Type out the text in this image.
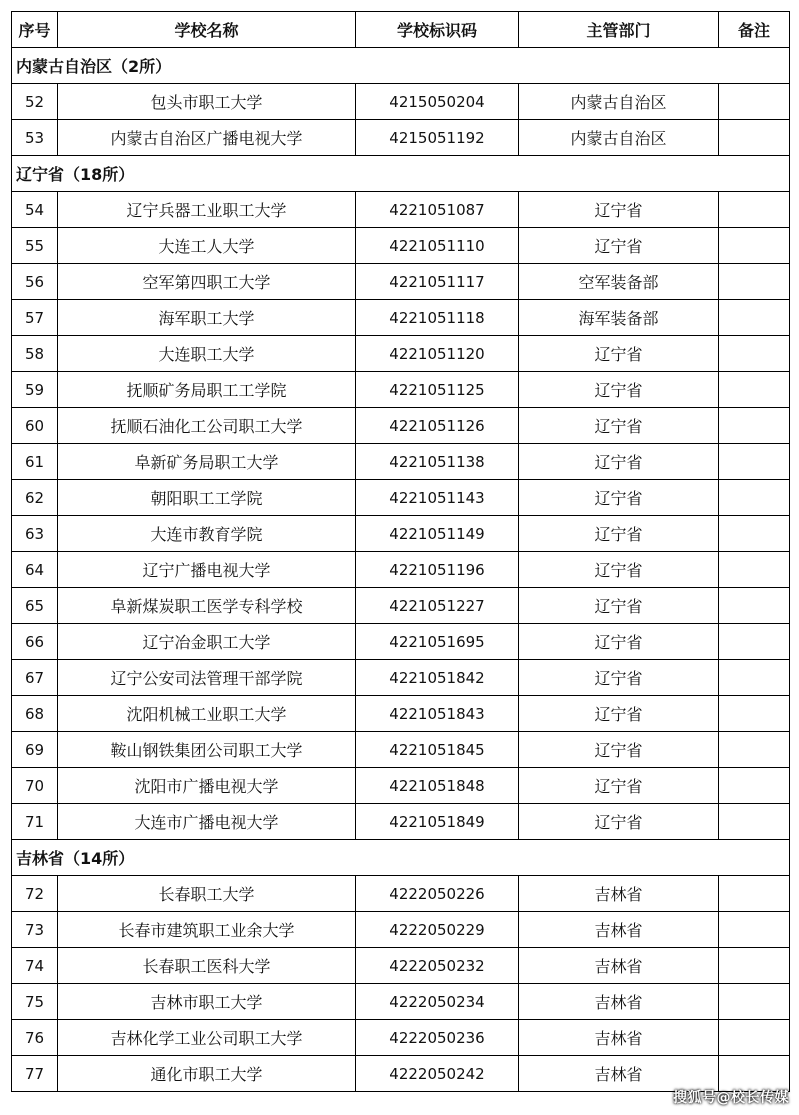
序号	学校名称	学校标识码	主管部门	备注
内蒙古自治区（2所）				
52	包头市职工大学	4215050204	内蒙古自治区	
53	内蒙古自治区广播电视大学	4215051192	内蒙古自治区	
辽宁省（18所）				
54	辽宁兵器工业职工大学	4221051087	辽宁省	
55	大连工人大学	4221051110	辽宁省	
56	空军第四职工大学	4221051117	空军装备部	
57	海军职工大学	4221051118	海军装备部	
58	大连职工大学	4221051120	辽宁省	
59	抚顺矿务局职工工学院	4221051125	辽宁省	
60	抚顺石油化工公司职工大学	4221051126	辽宁省	
61	阜新矿务局职工大学	4221051138	辽宁省	
62	朝阳职工工学院	4221051143	辽宁省	
63	大连市教育学院	4221051149	辽宁省	
64	辽宁广播电视大学	4221051196	辽宁省	
65	阜新煤炭职工医学专科学校	4221051227	辽宁省	
66	辽宁冶金职工大学	4221051695	辽宁省	
67	辽宁公安司法管理干部学院	4221051842	辽宁省	
68	沈阳机械工业职工大学	4221051843	辽宁省	
69	鞍山钢铁集团公司职工大学	4221051845	辽宁省	
70	沈阳市广播电视大学	4221051848	辽宁省	
71	大连市广播电视大学	4221051849	辽宁省	
吉林省（14所）				
72	长春职工大学	4222050226	吉林省	
73	长春市建筑职工业余大学	4222050229	吉林省	
74	长春职工医科大学	4222050232	吉林省	
75	吉林市职工大学	4222050234	吉林省	
76	吉林化学工业公司职工大学	4222050236	吉林省	
77	通化市职工大学	4222050242	吉林省	
搜狐号@校长传媒
